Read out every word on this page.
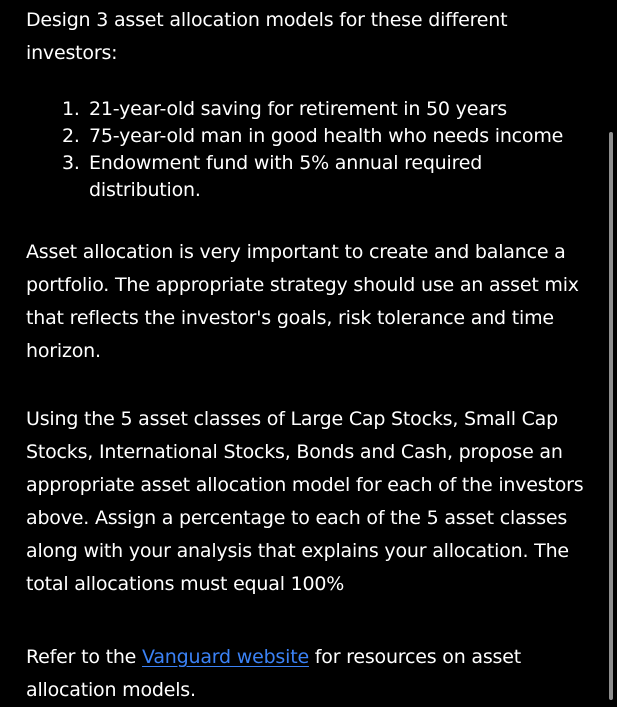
Design 3 asset allocation models for these different investors:

1. 21-year-old saving for retirement in 50 years
2. 75-year-old man in good health who needs income
3. Endowment fund with 5% annual required distribution.

Asset allocation is very important to create and balance a portfolio. The appropriate strategy should use an asset mix that reflects the investor's goals, risk tolerance and time horizon.

Using the 5 asset classes of Large Cap Stocks, Small Cap Stocks, International Stocks, Bonds and Cash, propose an appropriate asset allocation model for each of the investors above. Assign a percentage to each of the 5 asset classes along with your analysis that explains your allocation. The total allocations must equal 100%

Refer to the Vanguard website for resources on asset allocation models.
